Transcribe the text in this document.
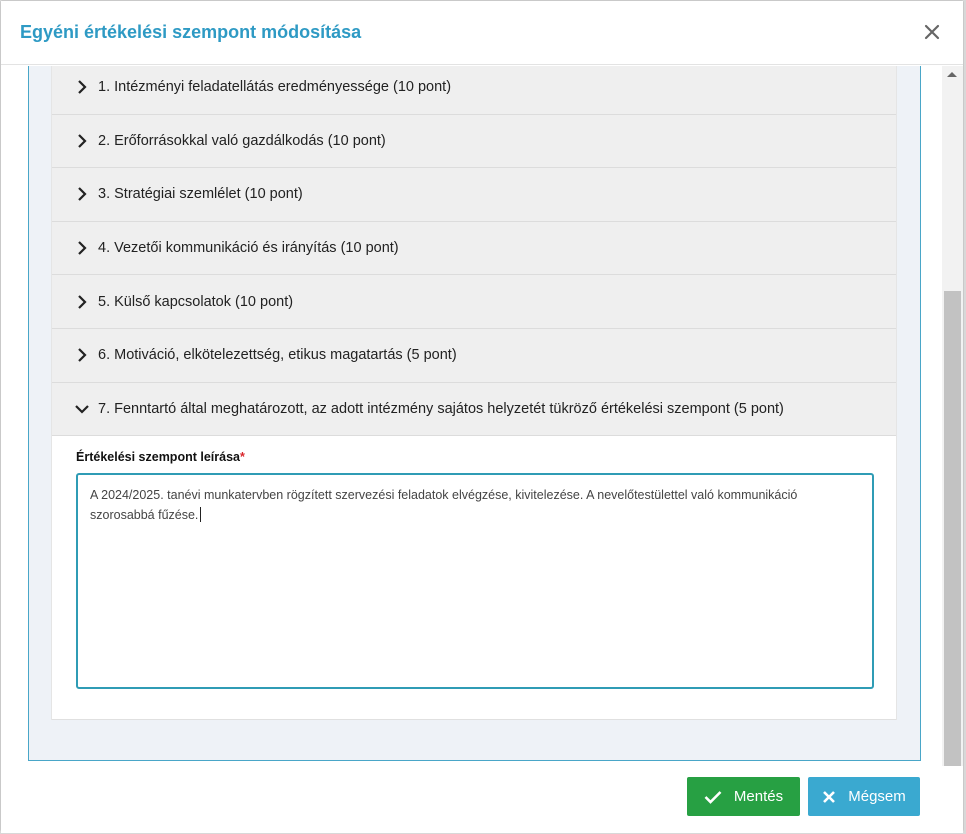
Egyéni értékelési szempont módosítása
1. Intézményi feladatellátás eredményessége (10 pont)
2. Erőforrásokkal való gazdálkodás (10 pont)
3. Stratégiai szemlélet (10 pont)
4. Vezetői kommunikáció és irányítás (10 pont)
5. Külső kapcsolatok (10 pont)
6. Motiváció, elkötelezettség, etikus magatartás (5 pont)
7. Fenntartó által meghatározott, az adott intézmény sajátos helyzetét tükröző értékelési szempont (5 pont)
Értékelési szempont leírása*
A 2024/2025. tanévi munkatervben rögzített szervezési feladatok elvégzése, kivitelezése. A nevelőtestülettel való kommunikáció szorosabbá fűzése.
Mentés	Mégsem
